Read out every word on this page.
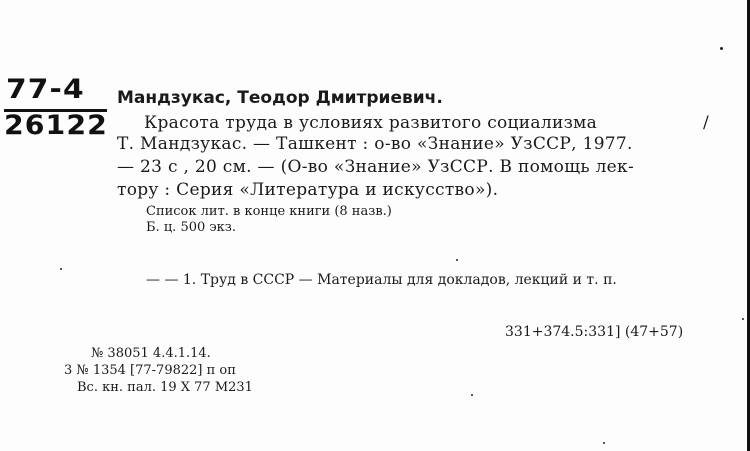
77-4
26122
Мандзукас, Теодор Дмитриевич.
Красота труда в условиях развитого социализма	/
Т. Мандзукас. — Ташкент : о-во «Знание» УзССР, 1977.
— 23 с , 20 см. — (О-во «Знание» УзССР. В помощь лек-
тору : Серия «Литература и искусство»).
Список лит. в конце книги (8 назв.)
Б. ц. 500 экз.
— — 1. Труд в СССР — Материалы для докладов, лекций и т. п.
331+374.5:331] (47+57)
№ 38051 4.4.1.14.
3 № 1354 [77-79822] п оп
Вс. кн. пал. 19 X 77 M231
